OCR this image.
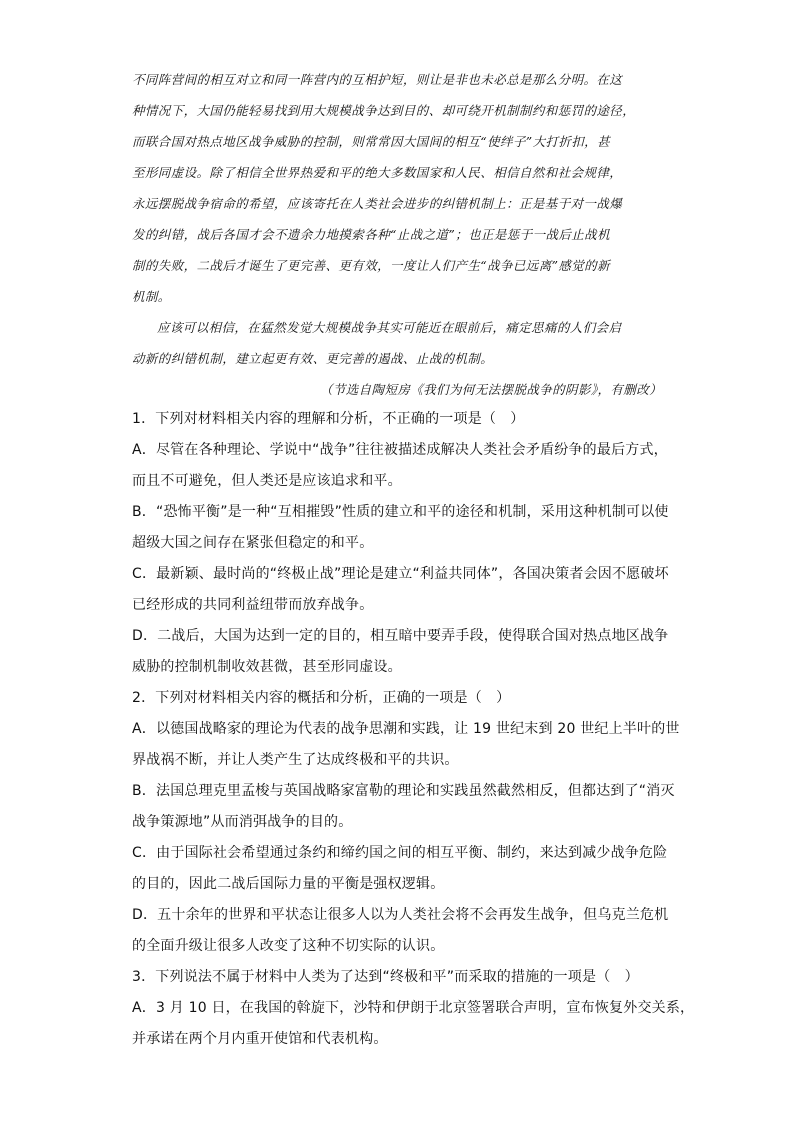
不同阵营间的相互对立和同一阵营内的互相护短，则让是非也未必总是那么分明。在这
种情况下，大国仍能轻易找到用大规模战争达到目的、却可绕开机制制约和惩罚的途径，
而联合国对热点地区战争威胁的控制，则常常因大国间的相互“使绊子”大打折扣，甚
至形同虚设。除了相信全世界热爱和平的绝大多数国家和人民、相信自然和社会规律，
永远摆脱战争宿命的希望，应该寄托在人类社会进步的纠错机制上：正是基于对一战爆
发的纠错，战后各国才会不遗余力地摸索各种“止战之道”；也正是惩于一战后止战机
制的失败，二战后才诞生了更完善、更有效，一度让人们产生“战争已远离”感觉的新
机制。
应该可以相信，在猛然发觉大规模战争其实可能近在眼前后，痛定思痛的人们会启
动新的纠错机制，建立起更有效、更完善的遏战、止战的机制。
（节选自陶短房《我们为何无法摆脱战争的阴影》，有删改）
1．下列对材料相关内容的理解和分析，不正确的一项是（　）
A．尽管在各种理论、学说中“战争”往往被描述成解决人类社会矛盾纷争的最后方式，
而且不可避免，但人类还是应该追求和平。
B．“恐怖平衡”是一种“互相摧毁”性质的建立和平的途径和机制，采用这种机制可以使
超级大国之间存在紧张但稳定的和平。
C．最新颖、最时尚的“终极止战”理论是建立“利益共同体”，各国决策者会因不愿破坏
已经形成的共同利益纽带而放弃战争。
D．二战后，大国为达到一定的目的，相互暗中要弄手段，使得联合国对热点地区战争
威胁的控制机制收效甚微，甚至形同虚设。
2．下列对材料相关内容的概括和分析，正确的一项是（　）
A．以德国战略家的理论为代表的战争思潮和实践，让 19 世纪末到 20 世纪上半叶的世
界战祸不断，并让人类产生了达成终极和平的共识。
B．法国总理克里孟梭与英国战略家富勒的理论和实践虽然截然相反，但都达到了“消灭
战争策源地”从而消弭战争的目的。
C．由于国际社会希望通过条约和缔约国之间的相互平衡、制约，来达到减少战争危险
的目的，因此二战后国际力量的平衡是强权逻辑。
D．五十余年的世界和平状态让很多人以为人类社会将不会再发生战争，但乌克兰危机
的全面升级让很多人改变了这种不切实际的认识。
3．下列说法不属于材料中人类为了达到“终极和平”而采取的措施的一项是（　）
A．3 月 10 日，在我国的斡旋下，沙特和伊朗于北京签署联合声明，宣布恢复外交关系，
并承诺在两个月内重开使馆和代表机构。
